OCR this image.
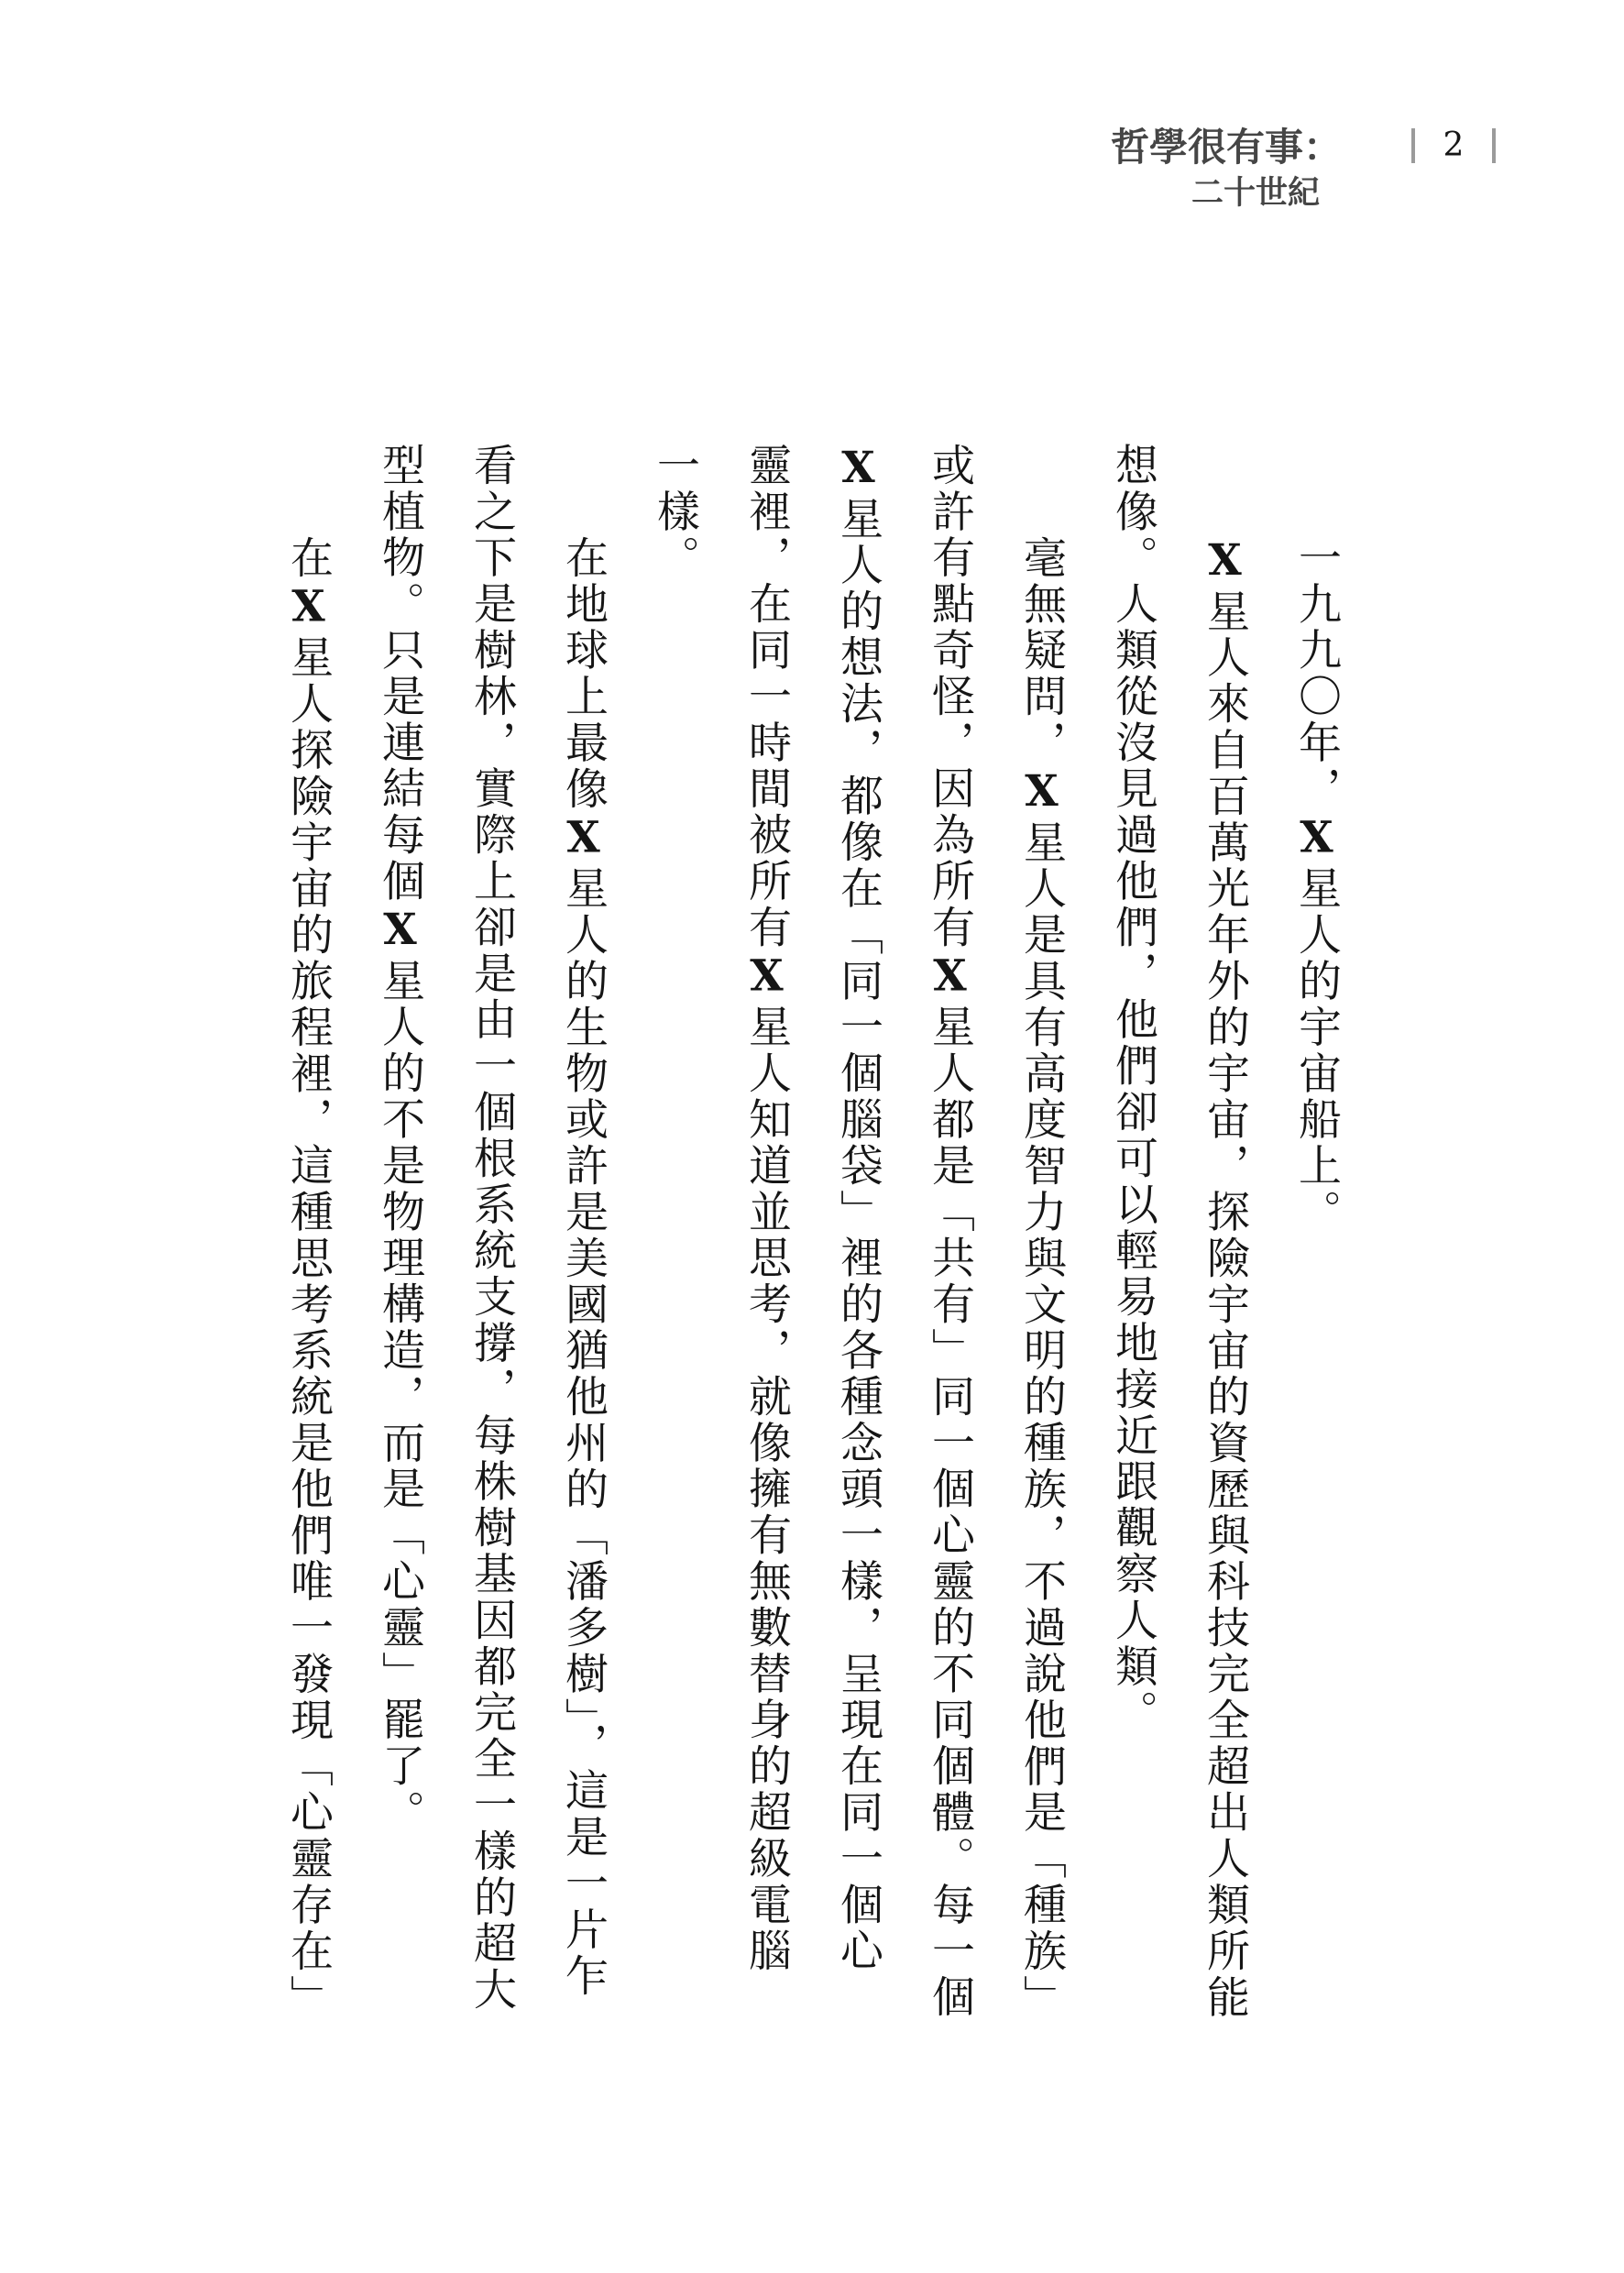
哲學很有事：
二十世紀
2
一九九〇年，X星人的宇宙船上。
X星人來自百萬光年外的宇宙，探險宇宙的資歷與科技完全超出人類所能
想像。人類從沒見過他們，他們卻可以輕易地接近跟觀察人類。
毫無疑問，X星人是具有高度智力與文明的種族，不過說他們是「種族」
或許有點奇怪，因為所有X星人都是「共有」同一個心靈的不同個體。每一個
X星人的想法，都像在「同一個腦袋」裡的各種念頭一樣，呈現在同一個心
靈裡，在同一時間被所有X星人知道並思考，就像擁有無數替身的超級電腦
一樣。
在地球上最像X星人的生物或許是美國猶他州的「潘多樹」，這是一片乍
看之下是樹林，實際上卻是由一個根系統支撐，每株樹基因都完全一樣的超大
型植物。只是連結每個X星人的不是物理構造，而是「心靈」罷了。
在X星人探險宇宙的旅程裡，這種思考系統是他們唯一發現「心靈存在」
